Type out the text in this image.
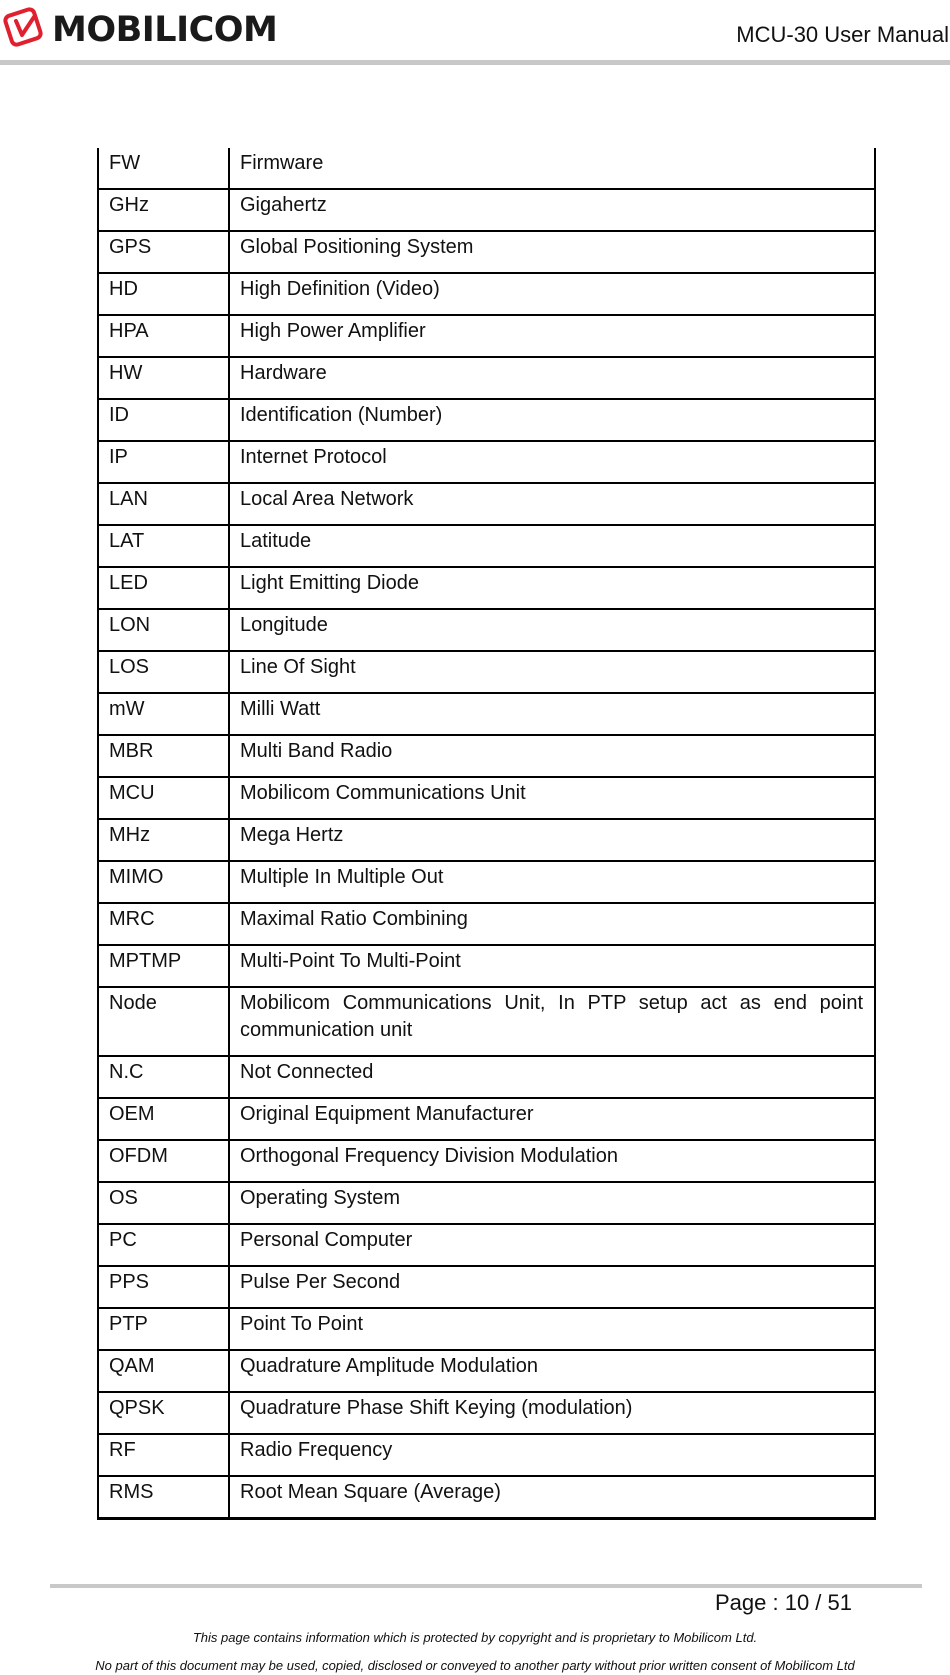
MOBILICOM	MCU-30 User Manual
FW	Firmware
GHz	Gigahertz
GPS	Global Positioning System
HD	High Definition (Video)
HPA	High Power Amplifier
HW	Hardware
ID	Identification (Number)
IP	Internet Protocol
LAN	Local Area Network
LAT	Latitude
LED	Light Emitting Diode
LON	Longitude
LOS	Line Of Sight
mW	Milli Watt
MBR	Multi Band Radio
MCU	Mobilicom Communications Unit
MHz	Mega Hertz
MIMO	Multiple In Multiple Out
MRC	Maximal Ratio Combining
MPTMP	Multi-Point To Multi-Point
Node	Mobilicom Communications Unit, In PTP setup act as end point communication unit
N.C	Not Connected
OEM	Original Equipment Manufacturer
OFDM	Orthogonal Frequency Division Modulation
OS	Operating System
PC	Personal Computer
PPS	Pulse Per Second
PTP	Point To Point
QAM	Quadrature Amplitude Modulation
QPSK	Quadrature Phase Shift Keying (modulation)
RF	Radio Frequency
RMS	Root Mean Square (Average)
Page : 10 / 51
This page contains information which is protected by copyright and is proprietary to Mobilicom Ltd.
No part of this document may be used, copied, disclosed or conveyed to another party without prior written consent of Mobilicom Ltd
